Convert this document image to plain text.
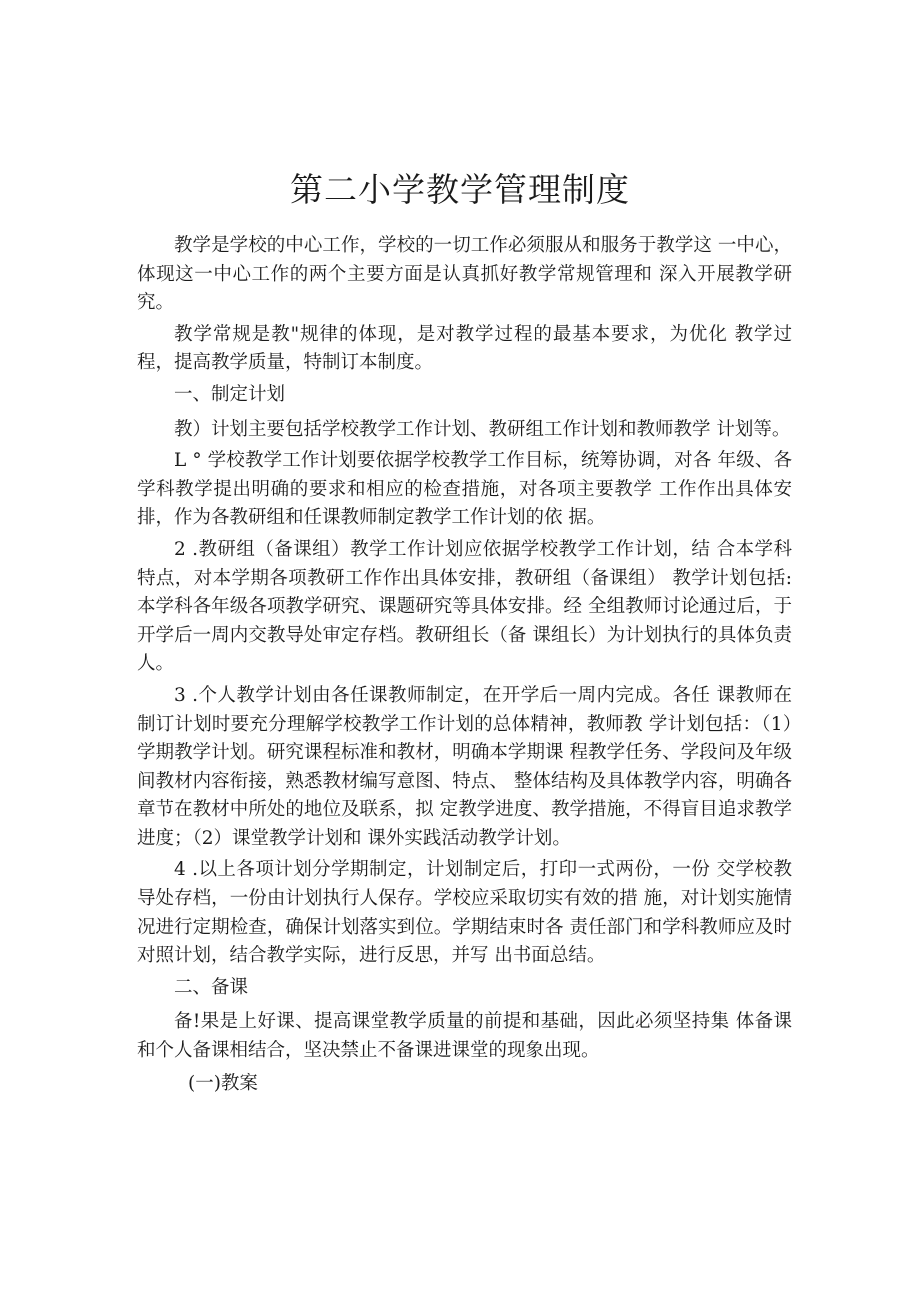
第二小学教学管理制度

教学是学校的中心工作，学校的一切工作必须服从和服务于教学这 一中心，体现这一中心工作的两个主要方面是认真抓好教学常规管理和 深入开展教学研究。

教学常规是教"规律的体现，是对教学过程的最基本要求，为优化 教学过程，提高教学质量，特制订本制度。

一、制定计划

教）计划主要包括学校教学工作计划、教研组工作计划和教师教学 计划等。

L ° 学校教学工作计划要依据学校教学工作目标，统筹协调，对各 年级、各学科教学提出明确的要求和相应的检查措施，对各项主要教学 工作作出具体安排，作为各教研组和任课教师制定教学工作计划的依 据。

2 .教研组（备课组）教学工作计划应依据学校教学工作计划，结 合本学科特点，对本学期各项教研工作作出具体安排，教研组（备课组） 教学计划包括:本学科各年级各项教学研究、课题研究等具体安排。经 全组教师讨论通过后，于开学后一周内交教导处审定存档。教研组长（备 课组长）为计划执行的具体负责人。

3 .个人教学计划由各任课教师制定，在开学后一周内完成。各任 课教师在制订计划时要充分理解学校教学工作计划的总体精神，教师教 学计划包括：（1）学期教学计划。研究课程标准和教材，明确本学期课 程教学任务、学段问及年级间教材内容衔接，熟悉教材编写意图、特点、 整体结构及具体教学内容，明确各章节在教材中所处的地位及联系，拟 定教学进度、教学措施，不得盲目追求教学进度；（2）课堂教学计划和 课外实践活动教学计划。

4 .以上各项计划分学期制定，计划制定后，打印一式两份，一份 交学校教导处存档，一份由计划执行人保存。学校应采取切实有效的措 施，对计划实施情况进行定期检查，确保计划落实到位。学期结束时各 责任部门和学科教师应及时对照计划，结合教学实际，进行反思，并写 出书面总结。

二、备课

备!果是上好课、提高课堂教学质量的前提和基础，因此必须坚持集 体备课和个人备课相结合，坚决禁止不备课进课堂的现象出现。

(一)教案
